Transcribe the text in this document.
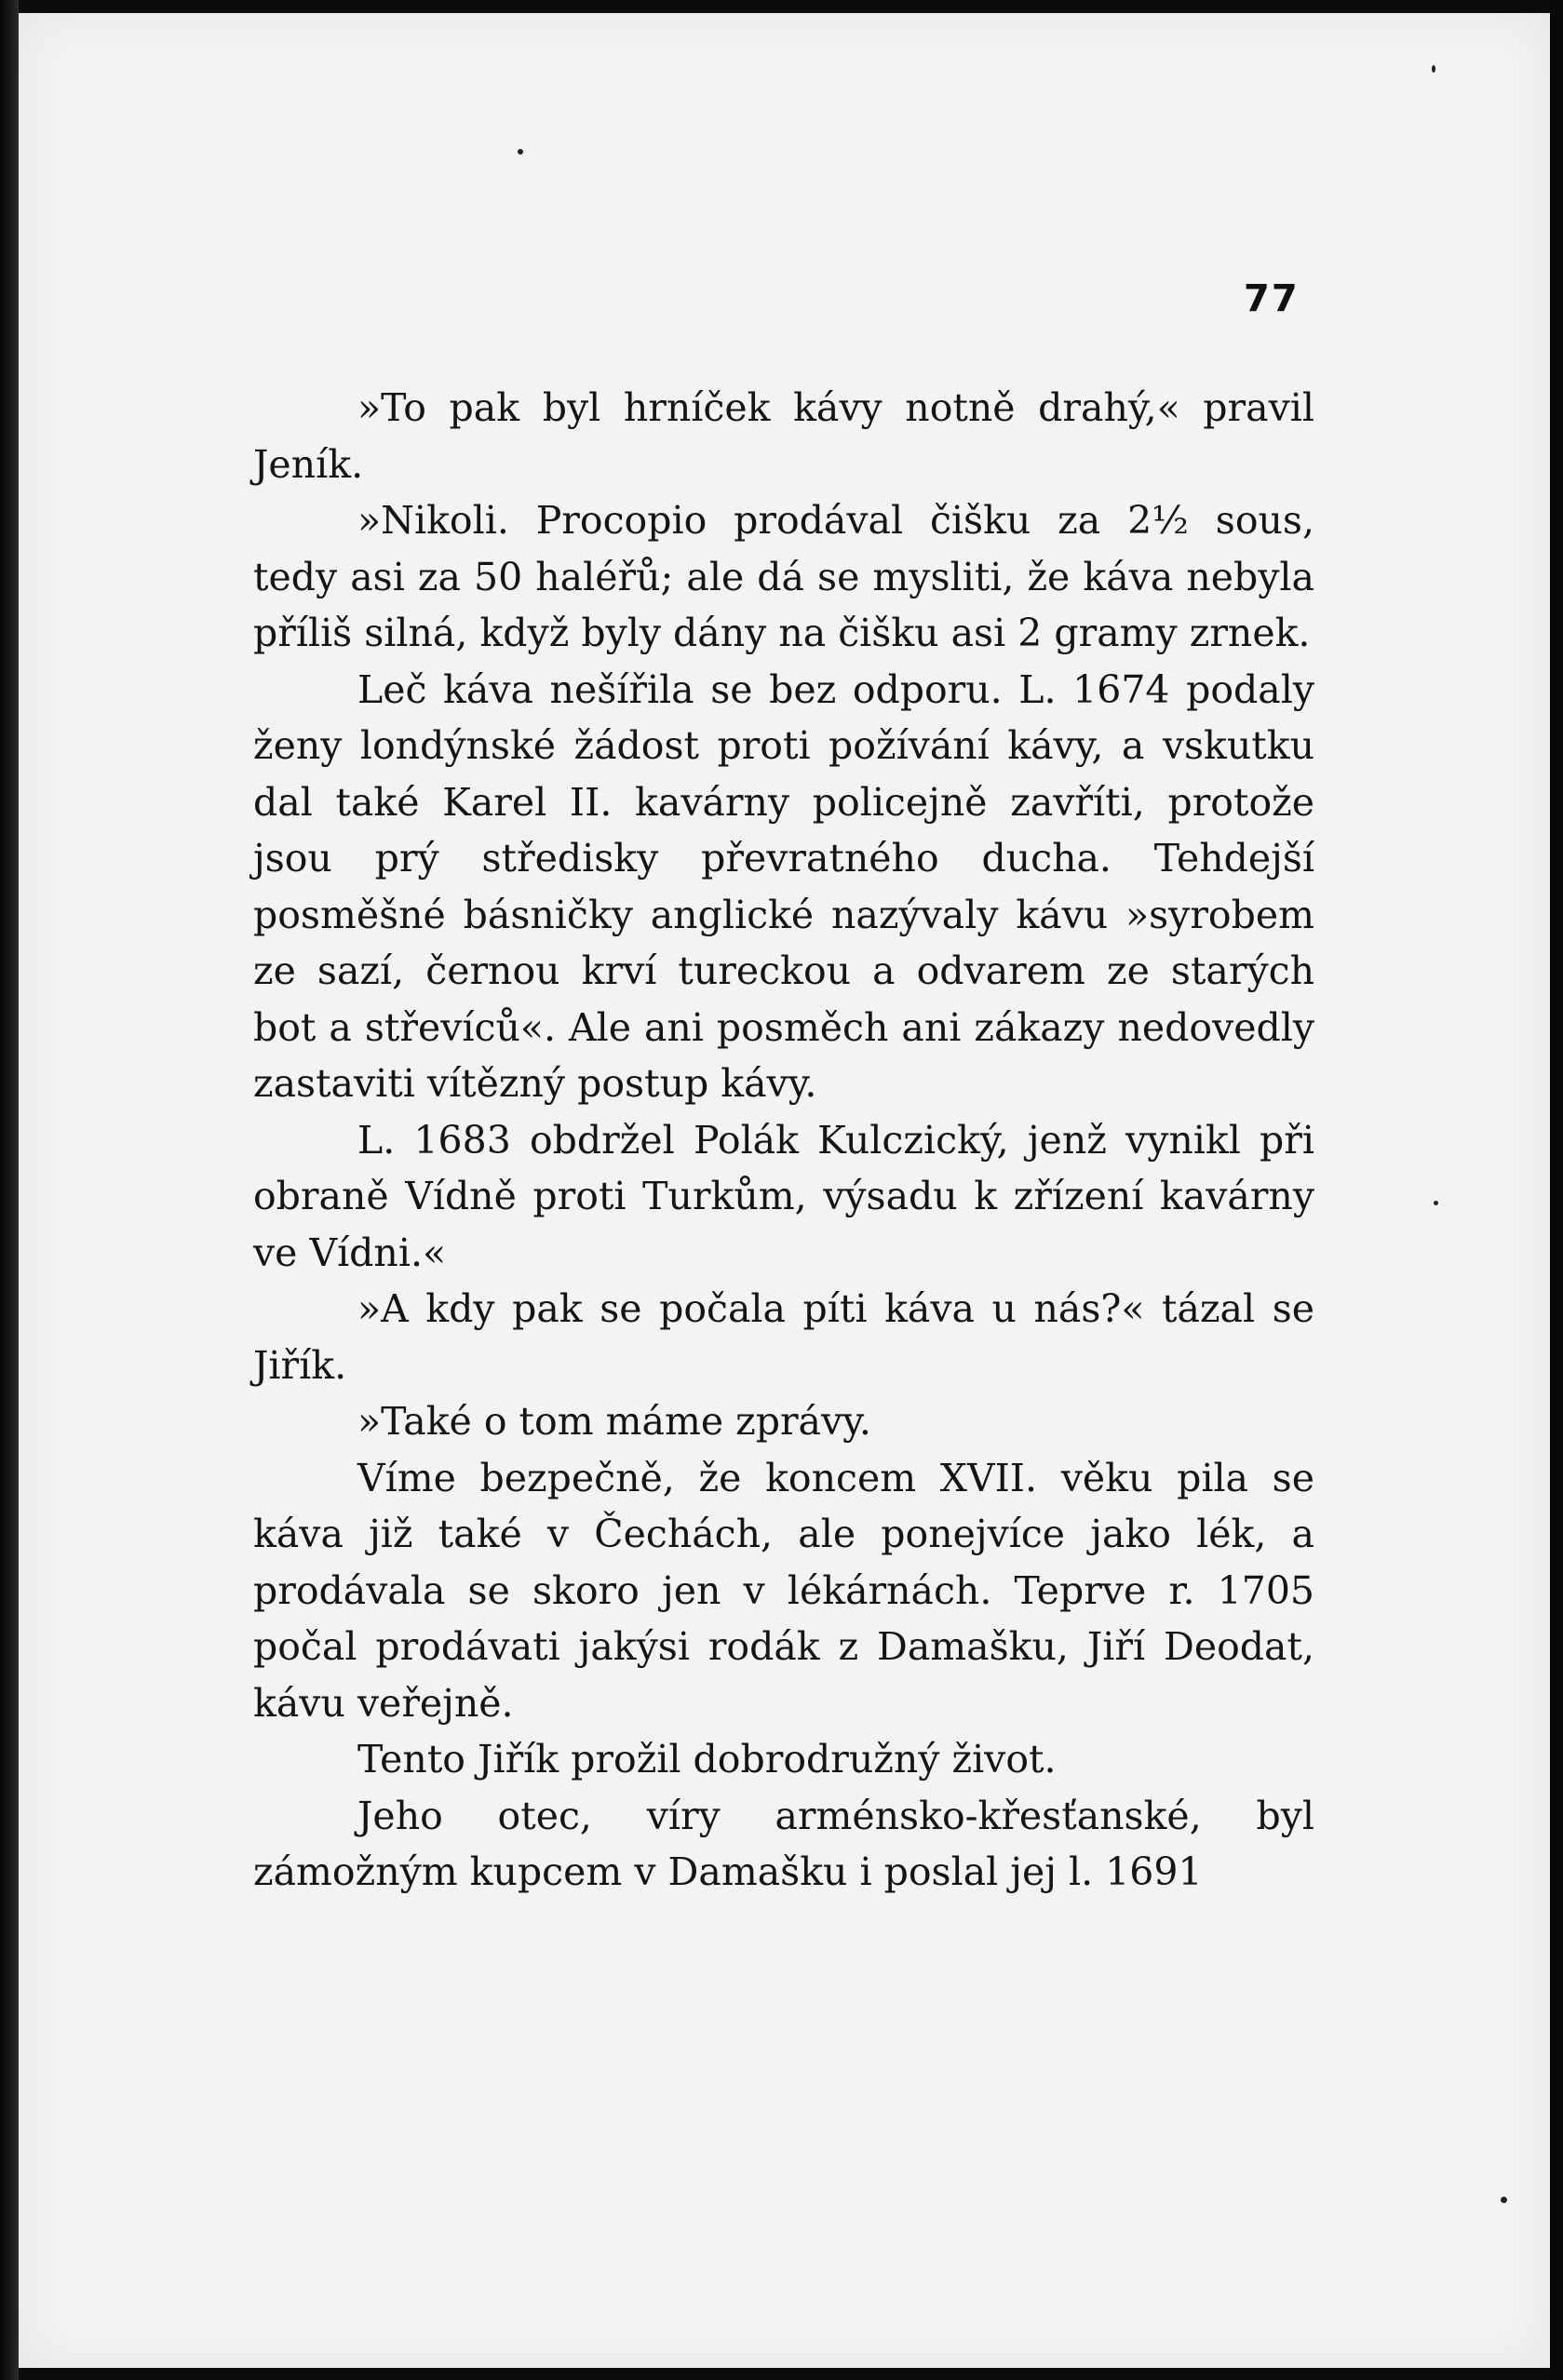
77

»To pak byl hrníček kávy notně drahý,« pravil Jeník.

»Nikoli. Procopio prodával čišku za 2½ sous, tedy asi za 50 haléřů; ale dá se mysliti, že káva nebyla příliš silná, když byly dány na čišku asi 2 gramy zrnek.

Leč káva nešířila se bez odporu. L. 1674 podaly ženy londýnské žádost proti požívání kávy, a vskutku dal také Karel II. kavárny policejně zavříti, protože jsou prý středisky převratného ducha. Tehdejší posměšné básničky anglické nazývaly kávu »syrobem ze sazí, černou krví tureckou a odvarem ze starých bot a střevíců«. Ale ani posměch ani zákazy nedovedly zastaviti vítězný postup kávy.

L. 1683 obdržel Polák Kulczický, jenž vynikl při obraně Vídně proti Turkům, výsadu k zřízení kavárny ve Vídni.«

»A kdy pak se počala píti káva u nás?« tázal se Jiřík.

»Také o tom máme zprávy.

Víme bezpečně, že koncem XVII. věku pila se káva již také v Čechách, ale ponejvíce jako lék, a prodávala se skoro jen v lékárnách. Teprve r. 1705 počal prodávati jakýsi rodák z Damašku, Jiří Deodat, kávu veřejně.

Tento Jiřík prožil dobrodružný život.

Jeho otec, víry arménsko-křesťanské, byl zámožným kupcem v Damašku i poslal jej l. 1691
